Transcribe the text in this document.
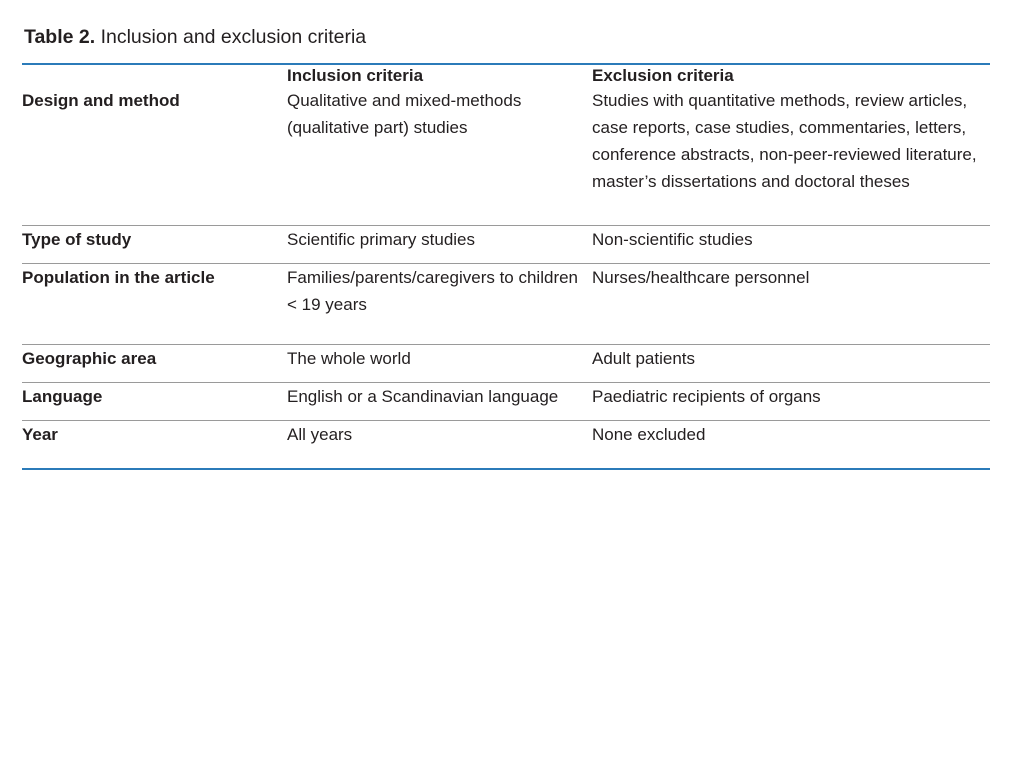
Table 2. Inclusion and exclusion criteria
	Inclusion criteria	Exclusion criteria
Design and method	Qualitative and mixed-methods (qualitative part) studies	Studies with quantitative methods, review articles, case reports, case studies, commentaries, letters, conference abstracts, non-peer-reviewed literature, master’s dissertations and doctoral theses

Type of study	Scientific primary studies	Non-scientific studies

Population in the article	Families/parents/caregivers to children < 19 years	Nurses/healthcare personnel

Geographic area	The whole world	Adult patients

Language	English or a Scandinavian language	Paediatric recipients of organs

Year	All years	None excluded
